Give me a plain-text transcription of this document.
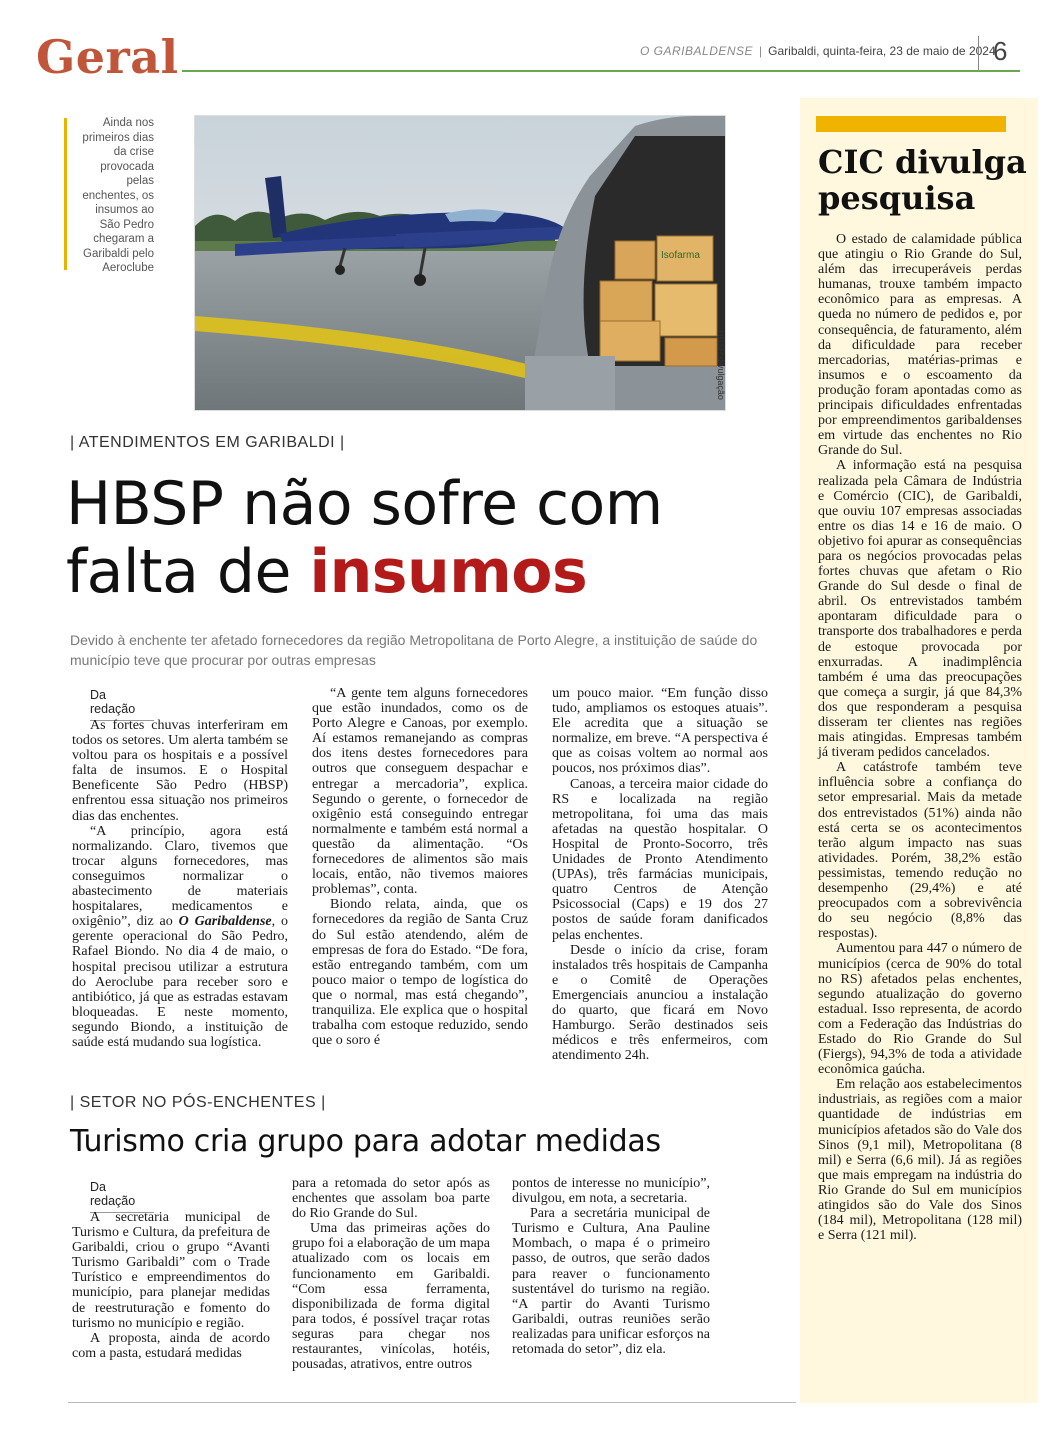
Geral	O GARIBALDENSE | Garibaldi, quinta-feira, 23 de maio de 2024
6
Ainda nos primeiros dias da crise provocada pelas enchentes, os insumos ao São Pedro chegaram a Garibaldi pelo Aeroclube
Isofarma
HBSP divulgação
| ATENDIMENTOS EM GARIBALDI |
HBSP não sofre com
falta de insumos
Devido à enchente ter afetado fornecedores da região Metropolitana de Porto Alegre, a instituição de saúde do município teve que procurar por outras empresas
Da redação

As fortes chuvas interferiram em todos os setores. Um alerta também se voltou para os hospitais e a possível falta de insumos. E o Hospital Beneficente São Pedro (HBSP) enfrentou essa situação nos primeiros dias das enchentes.

“A princípio, agora está normalizando. Claro, tivemos que trocar alguns fornecedores, mas conseguimos normalizar o abastecimento de materiais hospitalares, medicamentos e oxigênio”, diz ao O Garibaldense, o gerente operacional do São Pedro, Rafael Biondo. No dia 4 de maio, o hospital precisou utilizar a estrutura do Aeroclube para receber soro e antibiótico, já que as estradas estavam bloqueadas. E neste momento, segundo Biondo, a instituição de saúde está mudando sua logística.

“A gente tem alguns fornecedores que estão inundados, como os de Porto Alegre e Canoas, por exemplo. Aí estamos remanejando as compras dos itens destes fornecedores para outros que conseguem despachar e entregar a mercadoria”, explica. Segundo o gerente, o fornecedor de oxigênio está conseguindo entregar normalmente e também está normal a questão da alimentação. “Os fornecedores de alimentos são mais locais, então, não tivemos maiores problemas”, conta.

Biondo relata, ainda, que os fornecedores da região de Santa Cruz do Sul estão atendendo, além de empresas de fora do Estado. “De fora, estão entregando também, com um pouco maior o tempo de logística do que o normal, mas está chegando”, tranquiliza. Ele explica que o hospital trabalha com estoque reduzido, sendo que o soro é

um pouco maior. “Em função disso tudo, ampliamos os estoques atuais”. Ele acredita que a situação se normalize, em breve. “A perspectiva é que as coisas voltem ao normal aos poucos, nos próximos dias”.

Canoas, a terceira maior cidade do RS e localizada na região metropolitana, foi uma das mais afetadas na questão hospitalar. O Hospital de Pronto-Socorro, três Unidades de Pronto Atendimento (UPAs), três farmácias municipais, quatro Centros de Atenção Psicossocial (Caps) e 19 dos 27 postos de saúde foram danificados pelas enchentes.

Desde o início da crise, foram instalados três hospitais de Campanha e o Comitê de Operações Emergenciais anunciou a instalação do quarto, que ficará em Novo Hamburgo. Serão destinados seis médicos e três enfermeiros, com atendimento 24h.

| SETOR NO PÓS-ENCHENTES |
Turismo cria grupo para adotar medidas
Da redação

A secretaria municipal de Turismo e Cultura, da prefeitura de Garibaldi, criou o grupo “Avanti Turismo Garibaldi” com o Trade Turístico e empreendimentos do município, para planejar medidas de reestruturação e fomento do turismo no município e região.

A proposta, ainda de acordo com a pasta, estudará medidas

para a retomada do setor após as enchentes que assolam boa parte do Rio Grande do Sul.

Uma das primeiras ações do grupo foi a elaboração de um mapa atualizado com os locais em funcionamento em Garibaldi. “Com essa ferramenta, disponibilizada de forma digital para todos, é possível traçar rotas seguras para chegar nos restaurantes, vinícolas, hotéis, pousadas, atrativos, entre outros

pontos de interesse no município”, divulgou, em nota, a secretaria.

Para a secretária municipal de Turismo e Cultura, Ana Pauline Mombach, o mapa é o primeiro passo, de outros, que serão dados para reaver o funcionamento sustentável do turismo na região. “A partir do Avanti Turismo Garibaldi, outras reuniões serão realizadas para unificar esforços na retomada do setor”, diz ela.

CIC divulga pesquisa

O estado de calamidade pública que atingiu o Rio Grande do Sul, além das irrecuperáveis perdas humanas, trouxe também impacto econômico para as empresas. A queda no número de pedidos e, por consequência, de faturamento, além da dificuldade para receber mercadorias, matérias-primas e insumos e o escoamento da produção foram apontadas como as principais dificuldades enfrentadas por empreendimentos garibaldenses em virtude das enchentes no Rio Grande do Sul.

A informação está na pesquisa realizada pela Câmara de Indústria e Comércio (CIC), de Garibaldi, que ouviu 107 empresas associadas entre os dias 14 e 16 de maio. O objetivo foi apurar as consequências para os negócios provocadas pelas fortes chuvas que afetam o Rio Grande do Sul desde o final de abril. Os entrevistados também apontaram dificuldade para o transporte dos trabalhadores e perda de estoque provocada por enxurradas. A inadimplência também é uma das preocupações que começa a surgir, já que 84,3% dos que responderam a pesquisa disseram ter clientes nas regiões mais atingidas. Empresas também já tiveram pedidos cancelados.

A catástrofe também teve influência sobre a confiança do setor empresarial. Mais da metade dos entrevistados (51%) ainda não está certa se os acontecimentos terão algum impacto nas suas atividades. Porém, 38,2% estão pessimistas, temendo redução no desempenho (29,4%) e até preocupados com a sobrevivência do seu negócio (8,8% das respostas).

Aumentou para 447 o número de municípios (cerca de 90% do total no RS) afetados pelas enchentes, segundo atualização do governo estadual. Isso representa, de acordo com a Federação das Indústrias do Estado do Rio Grande do Sul (Fiergs), 94,3% de toda a atividade econômica gaúcha.

Em relação aos estabelecimentos industriais, as regiões com a maior quantidade de indústrias em municípios afetados são do Vale dos Sinos (9,1 mil), Metropolitana (8 mil) e Serra (6,6 mil). Já as regiões que mais empregam na indústria do Rio Grande do Sul em municípios atingidos são do Vale dos Sinos (184 mil), Metropolitana (128 mil) e Serra (121 mil).
